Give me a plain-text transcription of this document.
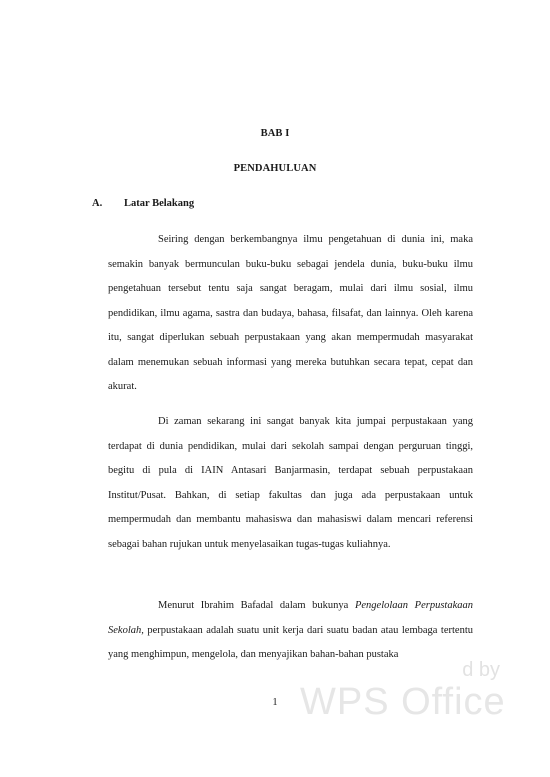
BAB I
PENDAHULUAN
A. Latar Belakang

Seiring dengan berkembangnya ilmu pengetahuan di dunia ini, maka semakin banyak bermunculan buku-buku sebagai jendela dunia, buku-buku ilmu pengetahuan tersebut tentu saja sangat beragam, mulai dari ilmu sosial, ilmu pendidikan, ilmu agama, sastra dan budaya, bahasa, filsafat, dan lainnya. Oleh karena itu, sangat diperlukan sebuah perpustakaan yang akan mempermudah masyarakat dalam menemukan sebuah informasi yang mereka butuhkan secara tepat, cepat dan akurat.

Di zaman sekarang ini sangat banyak kita jumpai perpustakaan yang terdapat di dunia pendidikan, mulai dari sekolah sampai dengan perguruan tinggi, begitu di pula di IAIN Antasari Banjarmasin, terdapat sebuah perpustakaan Institut/Pusat. Bahkan, di setiap fakultas dan juga ada perpustakaan untuk mempermudah dan membantu mahasiswa dan mahasiswi dalam mencari referensi sebagai bahan rujukan untuk menyelasaikan tugas-tugas kuliahnya.

Menurut Ibrahim Bafadal dalam bukunya Pengelolaan Perpustakaan Sekolah, perpustakaan adalah suatu unit kerja dari suatu badan atau lembaga tertentu yang menghimpun, mengelola, dan menyajikan bahan-bahan pustaka

1
d by
WPS Office
